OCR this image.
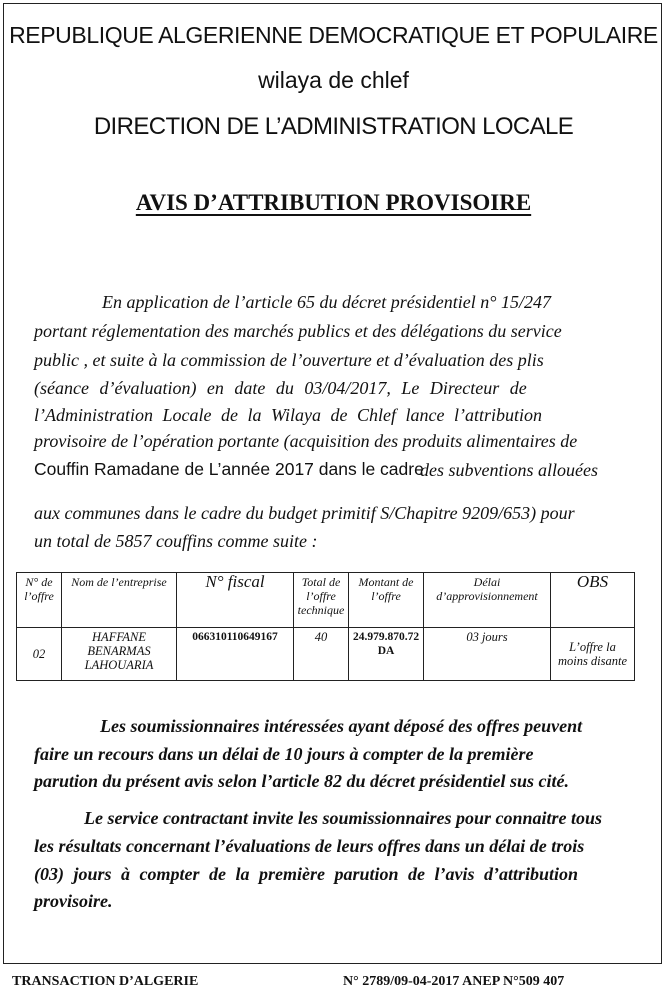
REPUBLIQUE ALGERIENNE DEMOCRATIQUE ET POPULAIRE
wilaya de chlef
DIRECTION DE L’ADMINISTRATION LOCALE
AVIS D’ATTRIBUTION PROVISOIRE
En application de l’article 65 du décret présidentiel n° 15/247
portant réglementation des marchés publics et des délégations du service
public , et suite à la commission de l’ouverture et d’évaluation des plis
(séance d’évaluation) en date du 03/04/2017, Le Directeur de
l’Administration Locale de la Wilaya de Chlef lance l’attribution
provisoire de l’opération portante (acquisition des produits alimentaires de
Couffin Ramadane de L’année 2017 dans le cadre
des subventions allouées
aux communes dans le cadre du budget primitif S/Chapitre 9209/653) pour
un total de 5857 couffins comme suite :
N° de l’offre	Nom de l’entreprise	N° fiscal	Total de l’offre technique	Montant de l’offre	Délai d’approvisionnement	OBS
02	HAFFANE BENARMAS LAHOUARIA	066310110649167	40	24.979.870.72 DA	03 jours	L’offre la moins disante
Les soumissionnaires intéressées ayant déposé des offres peuvent
faire un recours dans un délai de 10 jours à compter de la première
parution du présent avis selon l’article 82 du décret présidentiel sus cité.
Le service contractant invite les soumissionnaires pour connaitre tous
les résultats concernant l’évaluations de leurs offres dans un délai de trois
(03) jours à compter de la première parution de l’avis d’attribution
provisoire.
TRANSACTION D’ALGERIE	N° 2789/09-04-2017 ANEP N°509 407
